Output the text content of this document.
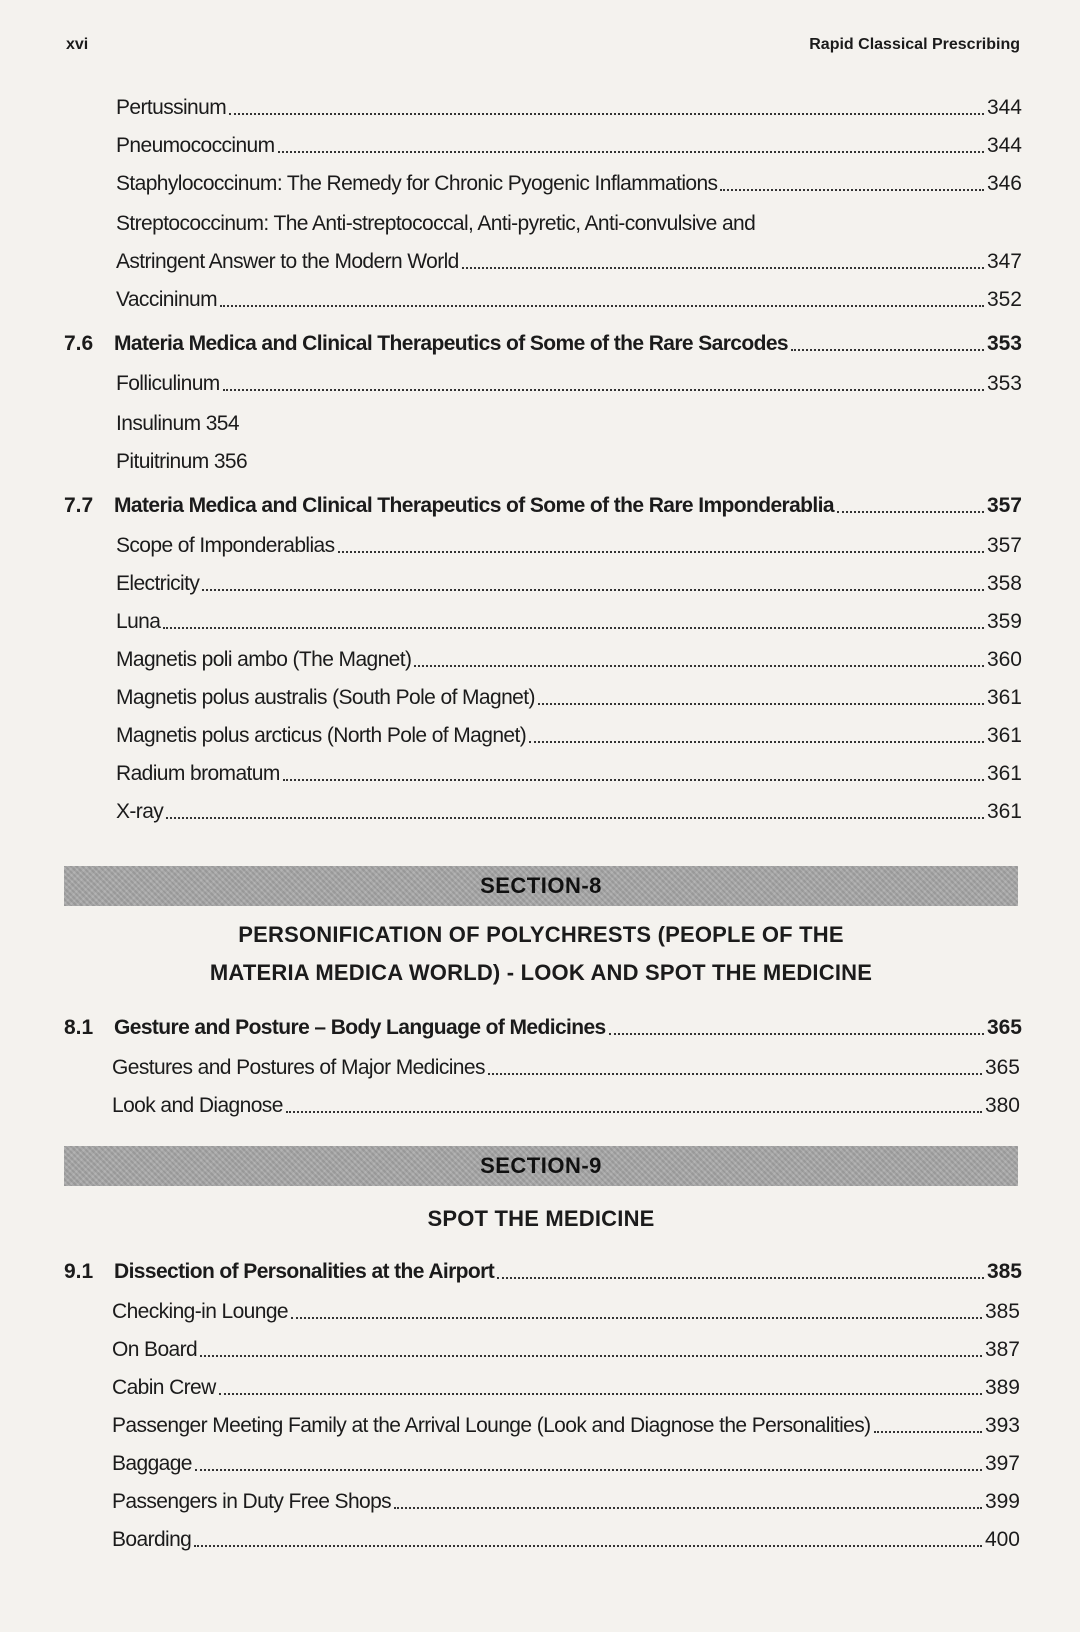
xvi	Rapid Classical Prescribing
Pertussinum	344
Pneumococcinum	344
Staphylococcinum: The Remedy for Chronic Pyogenic Inflammations	346
Streptococcinum: The Anti-streptococcal, Anti-pyretic, Anti-convulsive and
Astringent Answer to the Modern World	347
Vaccininum	352
7.6 Materia Medica and Clinical Therapeutics of Some of the Rare Sarcodes	353
Folliculinum	353
Insulinum 354
Pituitrinum 356
7.7 Materia Medica and Clinical Therapeutics of Some of the Rare Imponderablia	357
Scope of Imponderablias	357
Electricity	358
Luna	359
Magnetis poli ambo (The Magnet)	360
Magnetis polus australis (South Pole of Magnet)	361
Magnetis polus arcticus (North Pole of Magnet)	361
Radium bromatum	361
X-ray	361
SECTION-8
PERSONIFICATION OF POLYCHRESTS (PEOPLE OF THE
MATERIA MEDICA WORLD) - LOOK AND SPOT THE MEDICINE
8.1 Gesture and Posture – Body Language of Medicines	365
Gestures and Postures of Major Medicines	365
Look and Diagnose	380
SECTION-9
SPOT THE MEDICINE
9.1 Dissection of Personalities at the Airport	385
Checking-in Lounge	385
On Board	387
Cabin Crew	389
Passenger Meeting Family at the Arrival Lounge (Look and Diagnose the Personalities)	393
Baggage	397
Passengers in Duty Free Shops	399
Boarding	400
